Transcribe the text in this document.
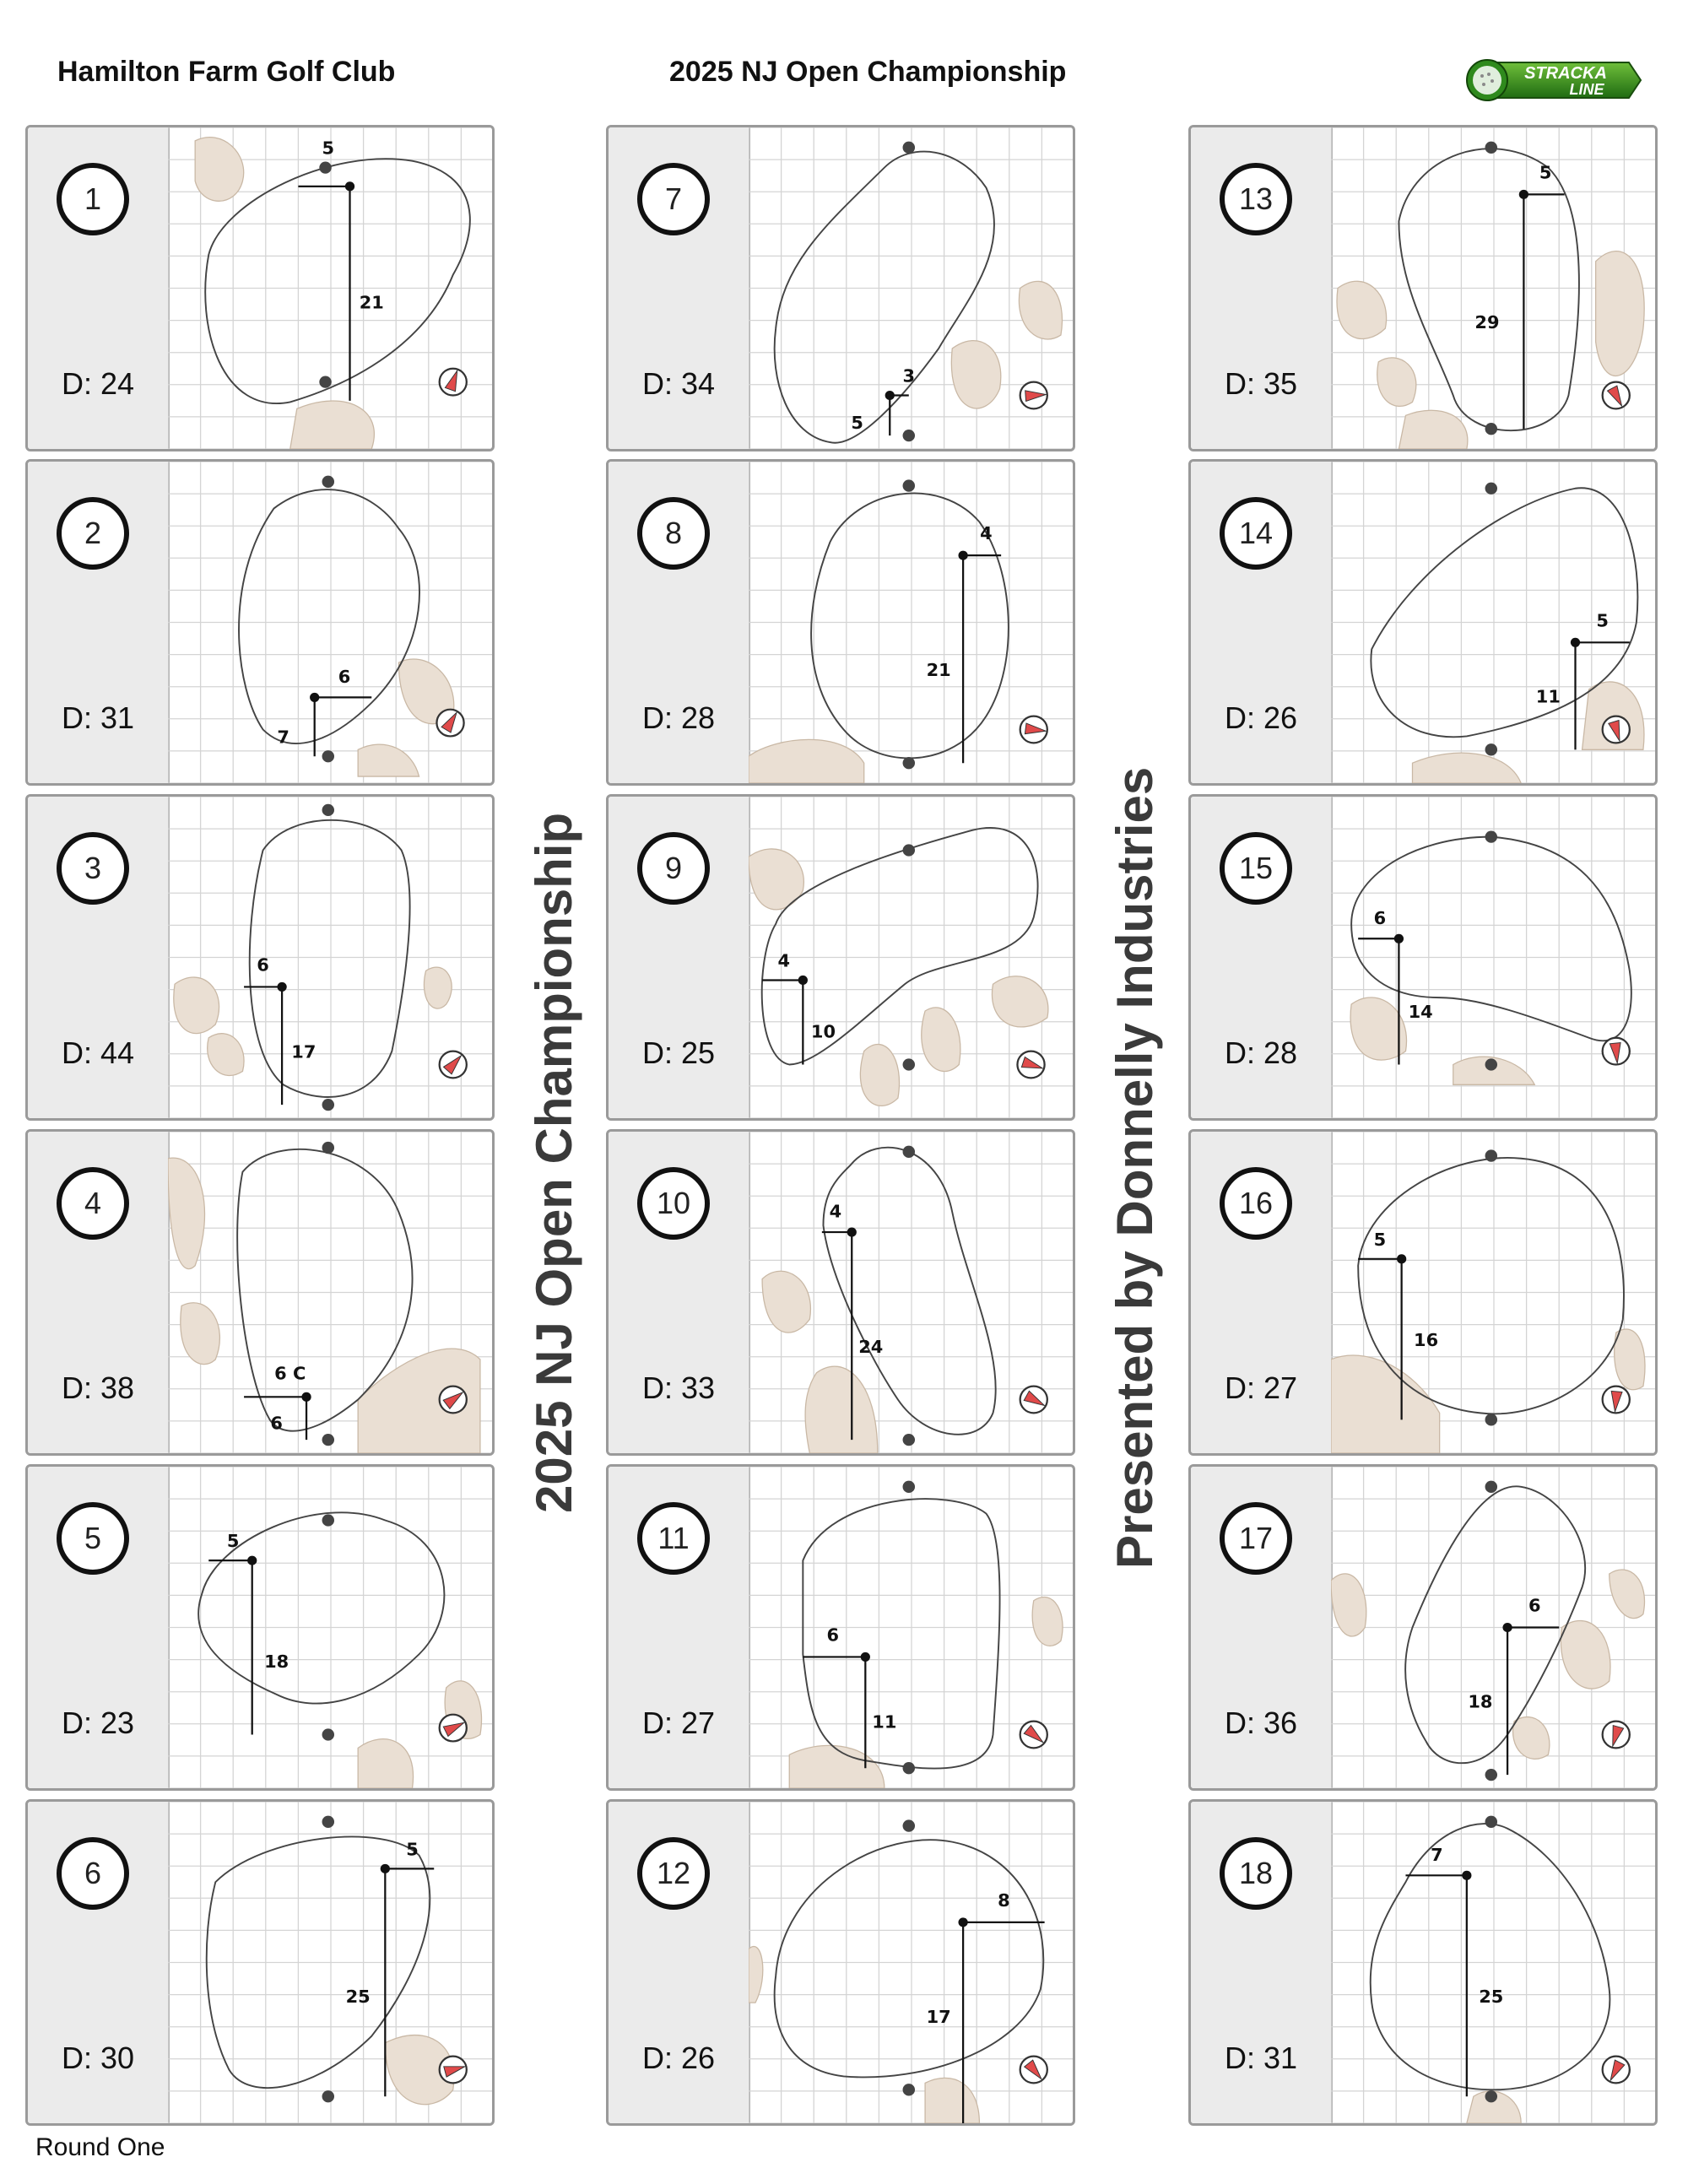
Hamilton Farm Golf Club	2025 NJ Open Championship	STRACKA
LINE
2025 NJ Open Championship	Presented by Donnelly Industries
1
D: 24
5
21
2
D: 31
6
7
3
D: 44
6
17
4
D: 38	6 C
6
5
D: 23
5
18
6
D: 30
5
25
7
D: 34	3
5
8
D: 28
4
21
9
D: 25
4
10
10
D: 33
4
24
11
D: 27
6
11
12
D: 26
8
17
13
D: 35
5
29
14
D: 26
5
11
15
D: 28
6
14
16
D: 27
5
16
17
D: 36
6
18
18
D: 31
7
25
Round One
